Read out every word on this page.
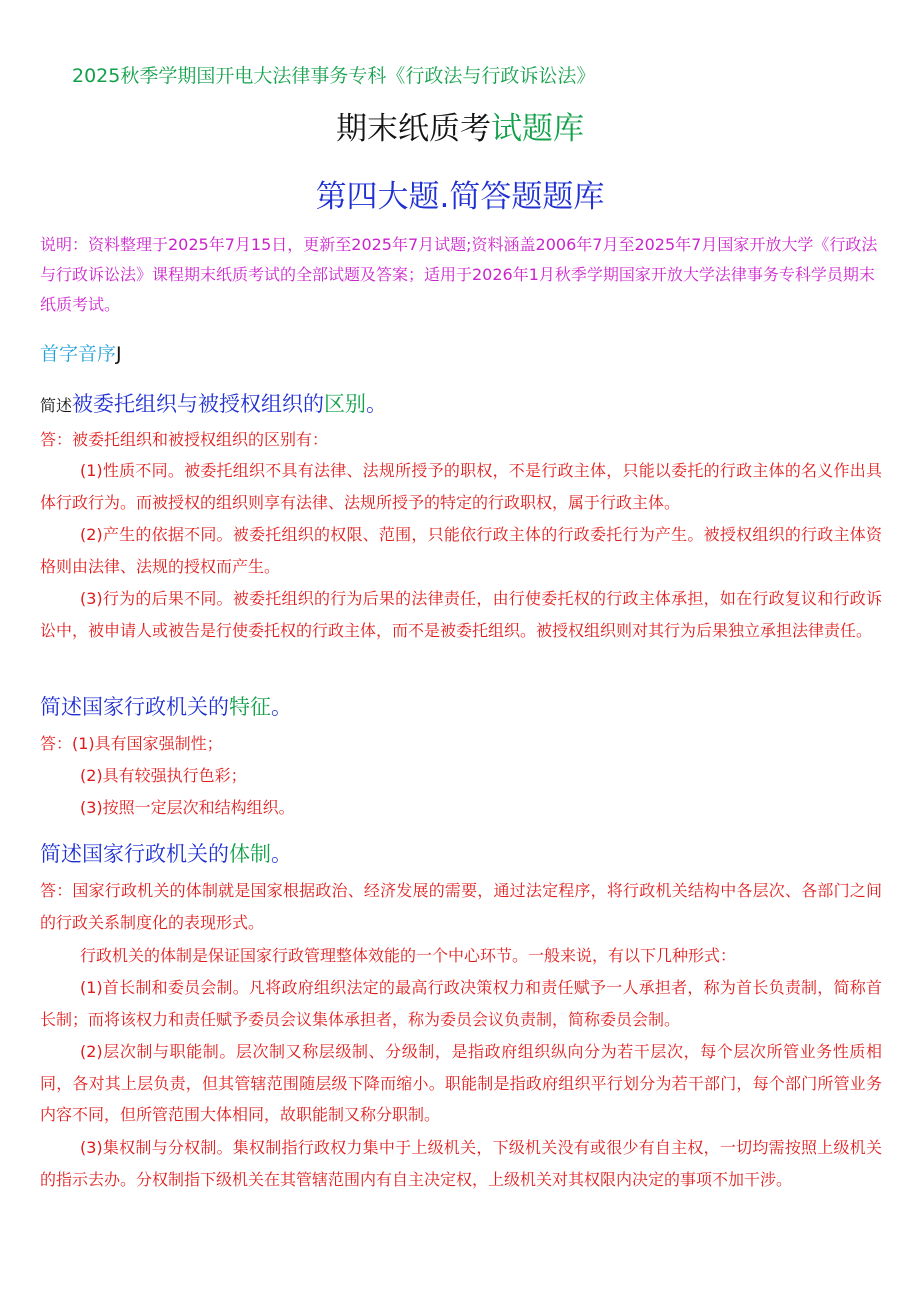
2025秋季学期国开电大法律事务专科《行政法与行政诉讼法》
期末纸质考试题库
第四大题.简答题题库
说明：资料整理于2025年7月15日，更新至2025年7月试题;资料涵盖2006年7月至2025年7月国家开放大学《行政法与行政诉讼法》课程期末纸质考试的全部试题及答案；适用于2026年1月秋季学期国家开放大学法律事务专科学员期末纸质考试。
首字音序J
简述被委托组织与被授权组织的区别。
答：被委托组织和被授权组织的区别有：
(1)性质不同。被委托组织不具有法律、法规所授予的职权，不是行政主体，只能以委托的行政主体的名义作出具体行政行为。而被授权的组织则享有法律、法规所授予的特定的行政职权，属于行政主体。
(2)产生的依据不同。被委托组织的权限、范围，只能依行政主体的行政委托行为产生。被授权组织的行政主体资格则由法律、法规的授权而产生。
(3)行为的后果不同。被委托组织的行为后果的法律责任，由行使委托权的行政主体承担，如在行政复议和行政诉讼中，被申请人或被告是行使委托权的行政主体，而不是被委托组织。被授权组织则对其行为后果独立承担法律责任。
简述国家行政机关的特征。
答：(1)具有国家强制性；
(2)具有较强执行色彩；
(3)按照一定层次和结构组织。
简述国家行政机关的体制。
答：国家行政机关的体制就是国家根据政治、经济发展的需要，通过法定程序，将行政机关结构中各层次、各部门之间的行政关系制度化的表现形式。
行政机关的体制是保证国家行政管理整体效能的一个中心环节。一般来说，有以下几种形式：
(1)首长制和委员会制。凡将政府组织法定的最高行政决策权力和责任赋予一人承担者，称为首长负责制，简称首长制；而将该权力和责任赋予委员会议集体承担者，称为委员会议负责制，简称委员会制。
(2)层次制与职能制。层次制又称层级制、分级制，是指政府组织纵向分为若干层次，每个层次所管业务性质相同，各对其上层负责，但其管辖范围随层级下降而缩小。职能制是指政府组织平行划分为若干部门，每个部门所管业务内容不同，但所管范围大体相同，故职能制又称分职制。
(3)集权制与分权制。集权制指行政权力集中于上级机关，下级机关没有或很少有自主权，一切均需按照上级机关的指示去办。分权制指下级机关在其管辖范围内有自主决定权，上级机关对其权限内决定的事项不加干涉。
